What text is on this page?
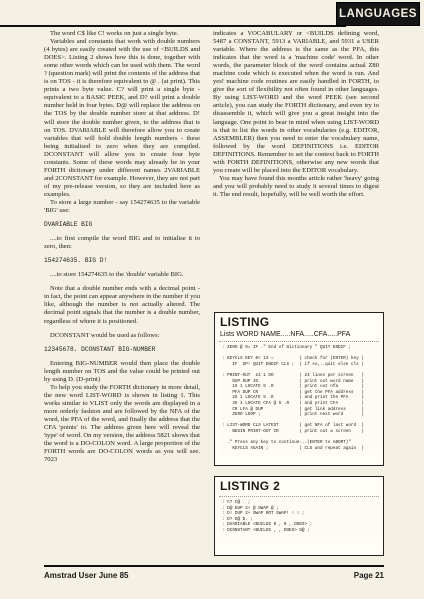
LANGUAGES

The word C$ like C! works on just a single byte.

Variables and constants that work with double numbers (4 bytes) are easily created with the use of <BUILDS and DOES>. Listing 2 shows how this is done, together with some other words which can be used with them. The word ? (question mark) will print the contents of the address that is on TOS - it is therefore equivalent to @ . (at print). This prints a two byte value. C? will print a single byte - equivalent to a BASIC PEEK, and D? will print a double number held in four bytes. D@ will replace the address on the TOS by the double number store at that address. D! will store the double number given, to the address that is on TOS. DVARIABLE will therefore allow you to create variables that will hold double length numbers - these being initialised to zero when they are compiled. DCONSTANT will allow you to create four byte constants. Some of these words may already be in your FORTH dictionary under different names 2VARIABLE and 2CONSTANT for example. However, they are not part of my pre-release version, so they are included here as examples.

To store a large number - say 154274635 to the variable 'BIG' use:

DVARIABLE BIG

....to first compile the word BIG and to initialise it to zero, then:

154274635. BIG D!

....to store 154274635 to the 'double' variable BIG.

Note that a double number ends with a decimal point - in fact, the point can appear anywhere in the number if you like, although the number is not actually altered. The decimal point signals that the number is a double number, regardless of where it is positioned.

DCONSTANT would be used as follows:

12345678. DCONSTANT BIG-NUMBER

Entering BIG-NUMBER would then place the double length number on TOS and the value could be printed out by using D. (D-print)

To help you study the FORTH dictionary in more detail, the new word LIST-WORD is shown in listing 1. This works similar to VLIST only the words are displayed in a more orderly fashion and are followed by the NFA of the word, the PFA of the word, and finally the address that the CFA 'points' to. The address given here will reveal the 'type' of word. On my version, the address 5821 shows that the word is a DO-COLON word. A large proportion of the FORTH words are DO-COLON words as you will see. 7023

indicates a VOCABULARY or <BUILDS defining word, 5487 a CONSTANT, 5913 a VARIABLE, and 5931 a USER variable. Where the address is the same as the PFA, this indicates that the word is a 'machine code' word. In other words, the parameter block of the word contains actual Z80 machine code which is executed when the word is run. And yes! machine code routines are easily handled in FORTH, to give the sort of flexibility not often found in other languages. By using LIST-WORD and the word PEEK (see second article), you can study the FORTH dictionary, and even try to disassemble it, which will give you a great insight into the language. One point to bear in mind when using LIST-WORD is that to list the words in other vocabularies (e.g. EDITOR, ASSEMBLER) then you need to enter the vocabulary name, followed by the word DEFINITIONS i.e. EDITOR DEFINITIONS. Remember to set the context back to FORTH with FORTH DEFINITIONS, otherwise any new words that you create will be placed into the EDITOR vocabulary.

You may have found this months article rather 'heavy' going and you will probably need to study it several times to digest it. The end result, hopefully, will be well worth the effort.

LISTING
Lists WORD NAME.....NFA.....CFA.....PFA
: ZERO @ 0= IF ." End of Dictionary " QUIT ENDIF ;

: KEYCLS KEY 0< 13 =          ( check for (ENTER) key )
IF  SP! QUIT ENDIF CLS ;  ( if so,..quit else cls )

: PRINT-OUT  24 1 DO          ( 24 lines per screen   )
DUP DUP ID.               ( print out word name   )
15 1 LOCATE 5 .R          ( print out nfa         )
PFA DUP CR                ( get the PFA address   )
25 1 LOCATE 5 .R          ( and print the PFA     )
35 1 LOCATE CFA @ 5 .R    ( and print CFA         )
CR LFA @ DUP              ( get link address      )
ZERO LOOP ;               ( print next word       )

: LIST-WORD CLS LATEST        ( get NFA of last word  )
BEGIN PRINT-OUT CR        ( print out a screen    )

." Press any key to continue...(ENTER to ABORT)"
KEYCLS AGAIN ;            ( CLS and repeat again  )
LISTING 2
: C? C@ . ;
: D@ DUP 2+ @ SWAP @ ;
: D! DUP 2+ SWAP ROT SWAP! ! ! ;
: D? D@ D. ;
: DVARIABLE <BUILDS 0 , 0 , DOES> ;
: DCONSTANT <BUILDS , , DOES> D@ ;
Amstrad User June 85	Page 21
